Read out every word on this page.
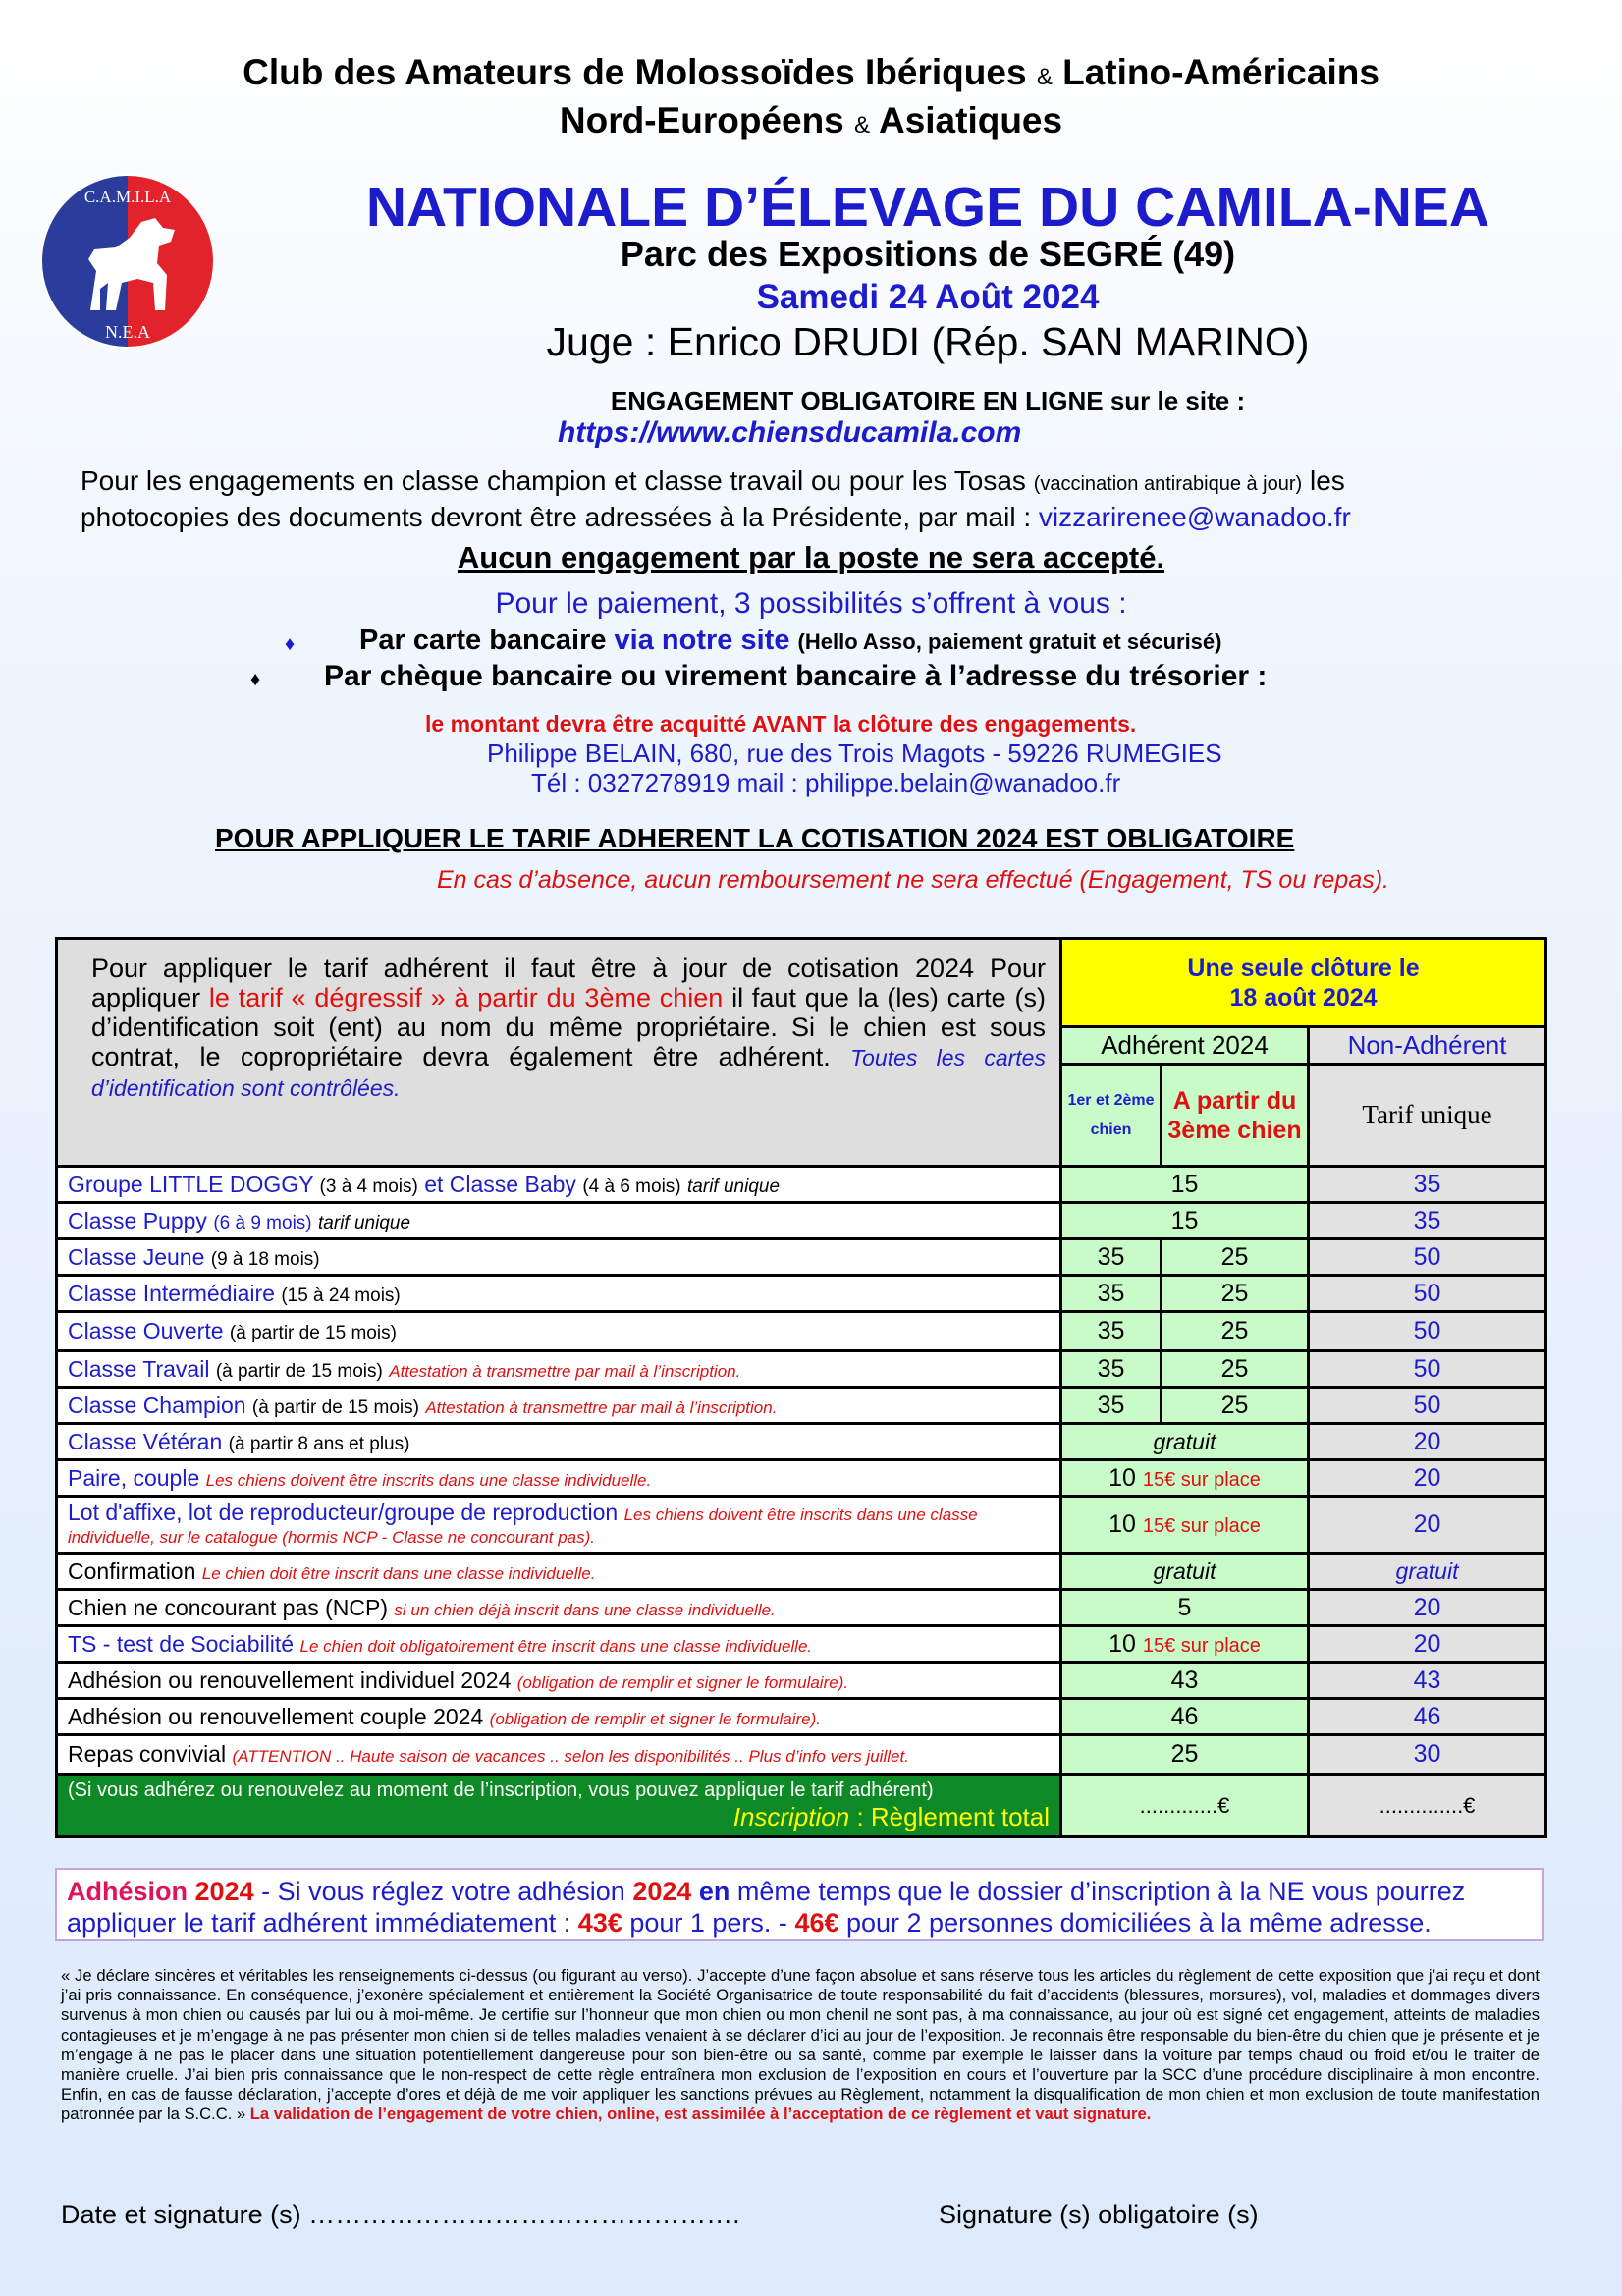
Club des Amateurs de Molossoïdes Ibériques & Latino-Américains
Nord-Européens & Asiatiques
C.A.M.I.L.A
N.E.A
NATIONALE D’ÉLEVAGE DU CAMILA-NEA
Parc des Expositions de SEGRÉ (49)
Samedi 24 Août 2024
Juge : Enrico DRUDI (Rép. SAN MARINO)
ENGAGEMENT OBLIGATOIRE EN LIGNE sur le site :
https://www.chiensducamila.com
Pour les engagements en classe champion et classe travail ou pour les Tosas (vaccination antirabique à jour) les photocopies des documents devront être adressées à la Présidente, par mail : vizzarirenee@wanadoo.fr
Aucun engagement par la poste ne sera accepté.
Pour le paiement, 3 possibilités s’offrent à vous :
♦ Par carte bancaire via notre site (Hello Asso, paiement gratuit et sécurisé)
♦ Par chèque bancaire ou virement bancaire à l’adresse du trésorier :
le montant devra être acquitté AVANT la clôture des engagements.
Philippe BELAIN, 680, rue des Trois Magots - 59226 RUMEGIES
Tél : 0327278919 mail : philippe.belain@wanadoo.fr
POUR APPLIQUER LE TARIF ADHERENT LA COTISATION 2024 EST OBLIGATOIRE
En cas d’absence, aucun remboursement ne sera effectué (Engagement, TS ou repas).
Pour appliquer le tarif adhérent il faut être à jour de cotisation 2024 Pour appliquer le tarif « dégressif » à partir du 3ème chien il faut que la (les) carte (s) d’identification soit (ent) au nom du même propriétaire. Si le chien est sous contrat, le copropriétaire devra également être adhérent. Toutes les cartes d’identification sont contrôlées.	Une seule clôture le
18 août 2024		

	Adhérent 2024		Non-Adhérent
	1er et 2ème chien	A partir du 3ème chien	Tarif unique
Groupe LITTLE DOGGY (3 à 4 mois) et Classe Baby (4 à 6 mois) tarif unique	15		35
Classe Puppy (6 à 9 mois) tarif unique	15		35
Classe Jeune (9 à 18 mois)	35	25	50
Classe Intermédiaire (15 à 24 mois)	35	25	50
Classe Ouverte (à partir de 15 mois)	35	25	50
Classe Travail (à partir de 15 mois) Attestation à transmettre par mail à l’inscription.	35	25	50
Classe Champion (à partir de 15 mois) Attestation à transmettre par mail à l’inscription.	35	25	50
Classe Vétéran (à partir 8 ans et plus)	gratuit		20
Paire, couple Les chiens doivent être inscrits dans une classe individuelle.	10 15€ sur place		20
Lot d'affixe, lot de reproducteur/groupe de reproduction Les chiens doivent être inscrits dans une classe individuelle, sur le catalogue (hormis NCP - Classe ne concourant pas).	10 15€ sur place		20
Confirmation Le chien doit être inscrit dans une classe individuelle.	gratuit		gratuit
Chien ne concourant pas (NCP) si un chien déjà inscrit dans une classe individuelle.	5		20
TS - test de Sociabilité Le chien doit obligatoirement être inscrit dans une classe individuelle.	10 15€ sur place		20
Adhésion ou renouvellement individuel 2024 (obligation de remplir et signer le formulaire).	43		43
Adhésion ou renouvellement couple 2024 (obligation de remplir et signer le formulaire).	46		46
Repas convivial (ATTENTION .. Haute saison de vacances .. selon les disponibilités .. Plus d’info vers juillet.	25		30
(Si vous adhérez ou renouvelez au moment de l’inscription, vous pouvez appliquer le tarif adhérent)
Inscription : Règlement total	.............€		..............€
Adhésion 2024 - Si vous réglez votre adhésion 2024 en même temps que le dossier d’inscription à la NE vous pourrez appliquer le tarif adhérent immédiatement : 43€ pour 1 pers. - 46€ pour 2 personnes domiciliées à la même adresse.
« Je déclare sincères et véritables les renseignements ci-dessus (ou figurant au verso). J’accepte d’une façon absolue et sans réserve tous les articles du règlement de cette exposition que j’ai reçu et dont j’ai pris connaissance. En conséquence, j’exonère spécialement et entièrement la Société Organisatrice de toute responsabilité du fait d’accidents (blessures, morsures), vol, maladies et dommages divers survenus à mon chien ou causés par lui ou à moi-même. Je certifie sur l’honneur que mon chien ou mon chenil ne sont pas, à ma connaissance, au jour où est signé cet engagement, atteints de maladies contagieuses et je m’engage à ne pas présenter mon chien si de telles maladies venaient à se déclarer d’ici au jour de l’exposition. Je reconnais être responsable du bien-être du chien que je présente et je m’engage à ne pas le placer dans une situation potentiellement dangereuse pour son bien-être ou sa santé, comme par exemple le laisser dans la voiture par temps chaud ou froid et/ou le traiter de manière cruelle. J’ai bien pris connaissance que le non-respect de cette règle entraînera mon exclusion de l’exposition en cours et l’ouverture par la SCC d’une procédure disciplinaire à mon encontre. Enfin, en cas de fausse déclaration, j’accepte d’ores et déjà de me voir appliquer les sanctions prévues au Règlement, notamment la disqualification de mon chien et mon exclusion de toute manifestation patronnée par la S.C.C. » La validation de l’engagement de votre chien, online, est assimilée à l’acceptation de ce règlement et vaut signature.
Date et signature (s) ………………………………………….	Signature (s) obligatoire (s)
